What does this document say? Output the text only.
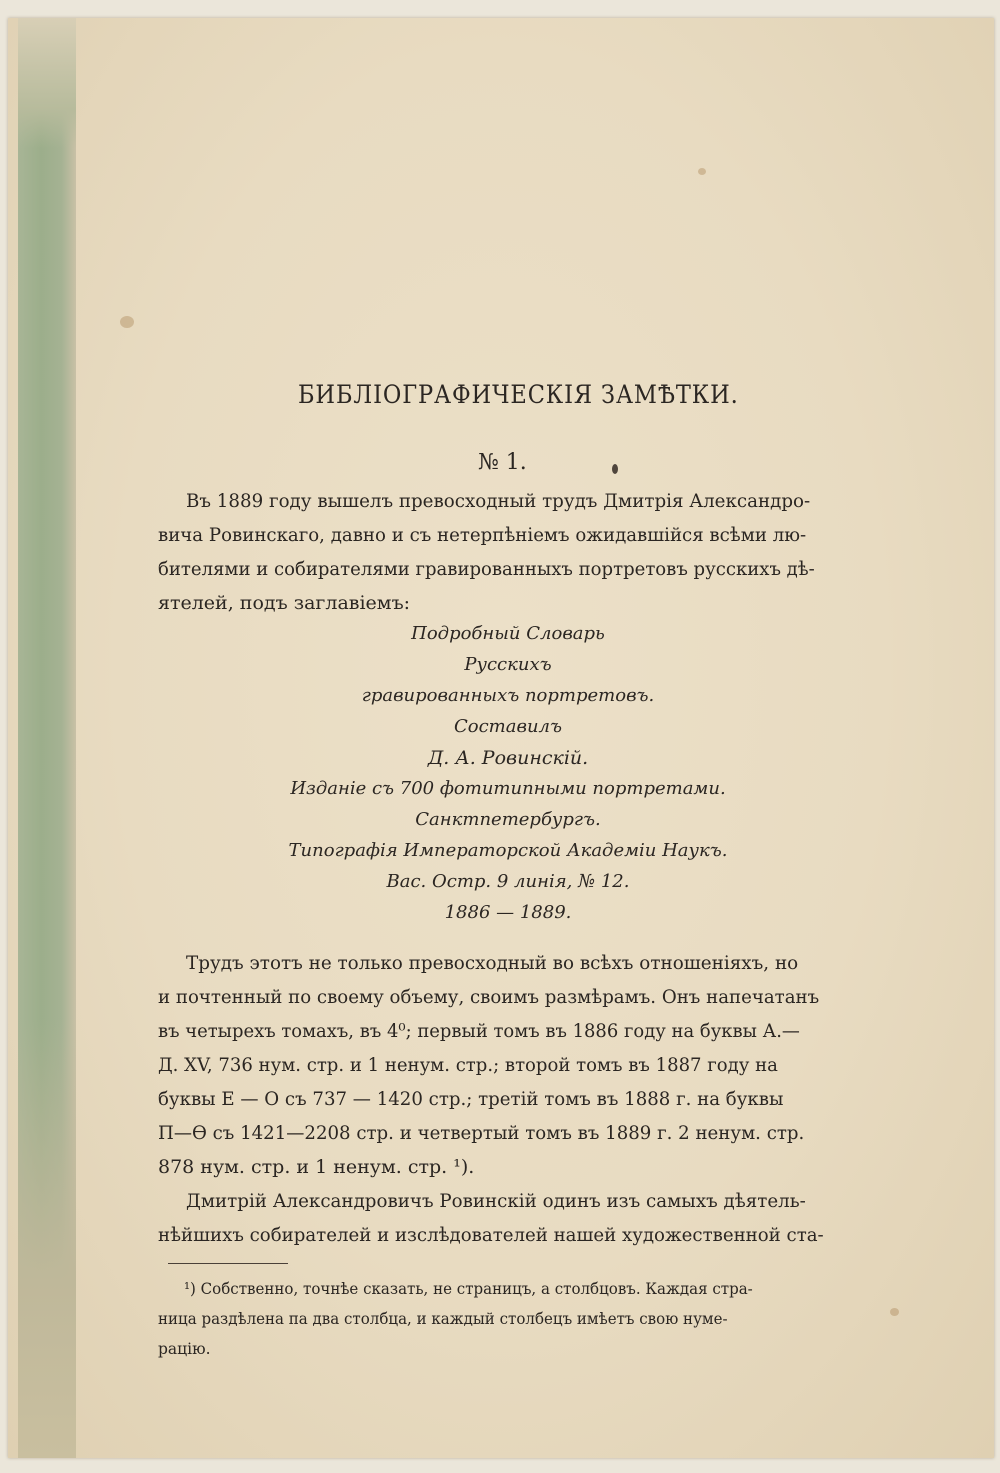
БИБЛІОГРАФИЧЕСКІЯ ЗАМѢТКИ.
№ 1.
Въ 1889 году вышелъ превосходный трудъ Дмитрія Александро-
вича Ровинскаго, давно и съ нетерпѣніемъ ожидавшійся всѣми лю-
бителями и собирателями гравированныхъ портретовъ русскихъ дѣ-
ятелей, подъ заглавіемъ:
Подробный Словарь
Русскихъ
гравированныхъ портретовъ.
Составилъ
Д. А. Ровинскій.
Изданіе съ 700 фотитипными портретами.
Санктпетербургъ.
Типографія Императорской Академіи Наукъ.
Вас. Остр. 9 линія, № 12.
1886 — 1889.
Трудъ этотъ не только превосходный во всѣхъ отношеніяхъ, но
и почтенный по своему объему, своимъ размѣрамъ. Онъ напечатанъ
въ четырехъ томахъ, въ 4⁰; первый томъ въ 1886 году на буквы А.—
Д. XV, 736 нум. стр. и 1 ненум. стр.; второй томъ въ 1887 году на
буквы Е — О съ 737 — 1420 стр.; третій томъ въ 1888 г. на буквы
П—Ѳ съ 1421—2208 стр. и четвертый томъ въ 1889 г. 2 ненум. стр.
878 нум. стр. и 1 ненум. стр. ¹).
Дмитрій Александровичъ Ровинскій одинъ изъ самыхъ дѣятель-
нѣйшихъ собирателей и изслѣдователей нашей художественной ста-
¹) Собственно, точнѣе сказать, не страницъ, а столбцовъ. Каждая стра-
ница раздѣлена па два столбца, и каждый столбецъ имѣетъ свою нуме-
рацію.
